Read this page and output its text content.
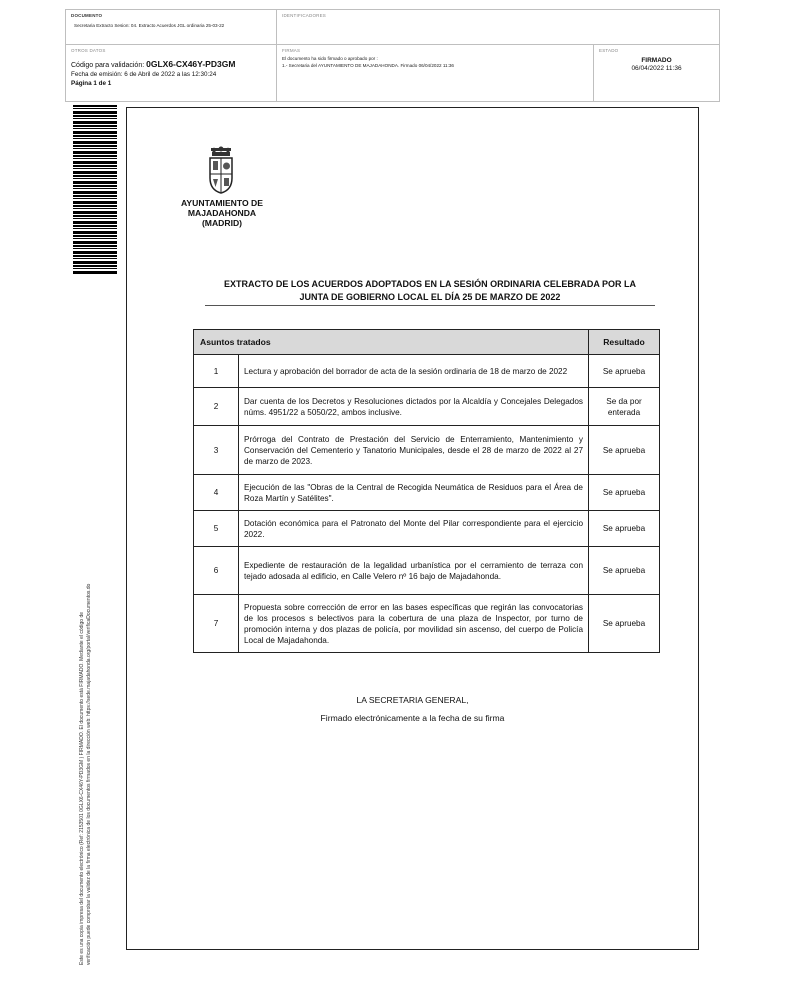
DOCUMENTO
Secretaria Extracto Sesion: 04. Extracto Acuerdos JGL ordinaria 25-03-22
IDENTIFICADORES
OTROS DATOS
Código para validación: 0GLX6-CX46Y-PD3GM
Fecha de emisión: 6 de Abril de 2022 a las 12:30:24
Página 1 de 1
FIRMAS
El documento ha sido firmado o aprobado por :
1.- Secretaria del AYUNTAMIENTO DE MAJADAHONDA. Firmado 06/04/2022 11:36
ESTADO
FIRMADO
06/04/2022 11:36
Este es una copia impresa del documento electrónico (Ref: 2153501 0GLX6-CX46Y-PD3GM ) FIRMADO. El documento está FIRMADO. Mediante el código de verificación puede comprobar la validez de la firma electrónica de los documentos firmados en la dirección web: https://sede.majadahonda.org/portal/verificaDocumentos.do
AYUNTAMIENTO DE
MAJADAHONDA
(MADRID)
EXTRACTO DE LOS ACUERDOS ADOPTADOS EN LA SESIÓN ORDINARIA CELEBRADA POR LA
JUNTA DE GOBIERNO LOCAL EL DÍA 25 DE MARZO DE 2022
Asuntos tratados		Resultado
1	Lectura y aprobación del borrador de acta de la sesión ordinaria de 18 de marzo de 2022	Se aprueba
2	Dar cuenta de los Decretos y Resoluciones dictados por la Alcaldía y Concejales Delegados núms. 4951/22 a 5050/22, ambos inclusive.	Se da por enterada
3	Prórroga del Contrato de Prestación del Servicio de Enterramiento, Mantenimiento y Conservación del Cementerio y Tanatorio Municipales, desde el 28 de marzo de 2022 al 27 de marzo de 2023.	Se aprueba
4	Ejecución de las "Obras de la Central de Recogida Neumática de Residuos para el Área de Roza Martín y Satélites".	Se aprueba
5	Dotación económica para el Patronato del Monte del Pilar correspondiente para el ejercicio 2022.	Se aprueba
6	Expediente de restauración de la legalidad urbanística por el cerramiento de terraza con tejado adosada al edificio, en Calle Velero nº 16 bajo de Majadahonda.	Se aprueba
7	Propuesta sobre corrección de error en las bases específicas que regirán las convocatorias de los procesos s belectivos para la cobertura de una plaza de Inspector, por turno de promoción interna y dos plazas de policía, por movilidad sin ascenso, del cuerpo de Policía Local de Majadahonda.	Se aprueba
LA SECRETARIA GENERAL,
Firmado electrónicamente a la fecha de su firma
